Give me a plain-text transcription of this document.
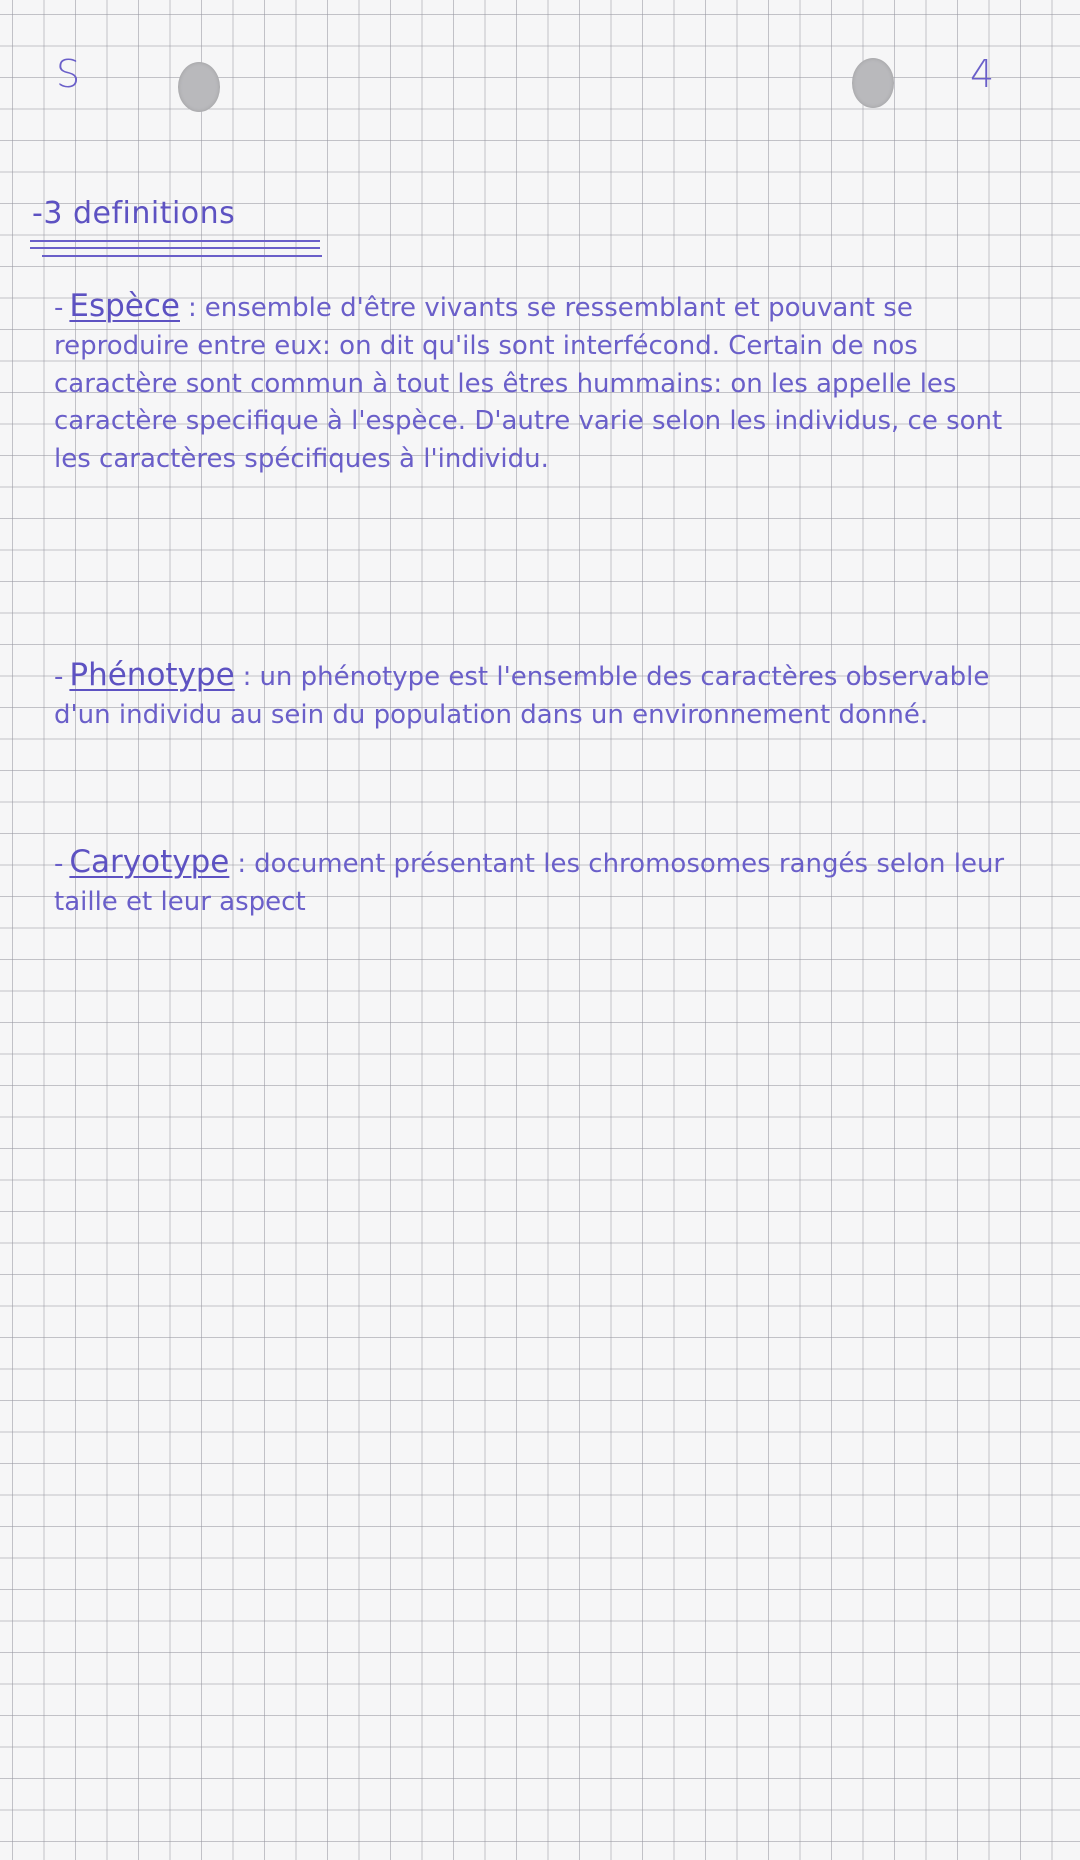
S	4
-3 definitions
- Espèce : ensemble d'être vivants se ressemblant et pouvant se reproduire entre eux: on dit qu'ils sont interfécond. Certain de nos caractère sont commun à tout les êtres hummains: on les appelle les caractère specifique à l'espèce. D'autre varie selon les individus, ce sont les caractères spécifiques à l'individu.
- Phénotype : un phénotype est l'ensemble des caractères observable d'un individu au sein du population dans un environnement donné.
- Caryotype : document présentant les chromosomes rangés selon leur taille et leur aspect
